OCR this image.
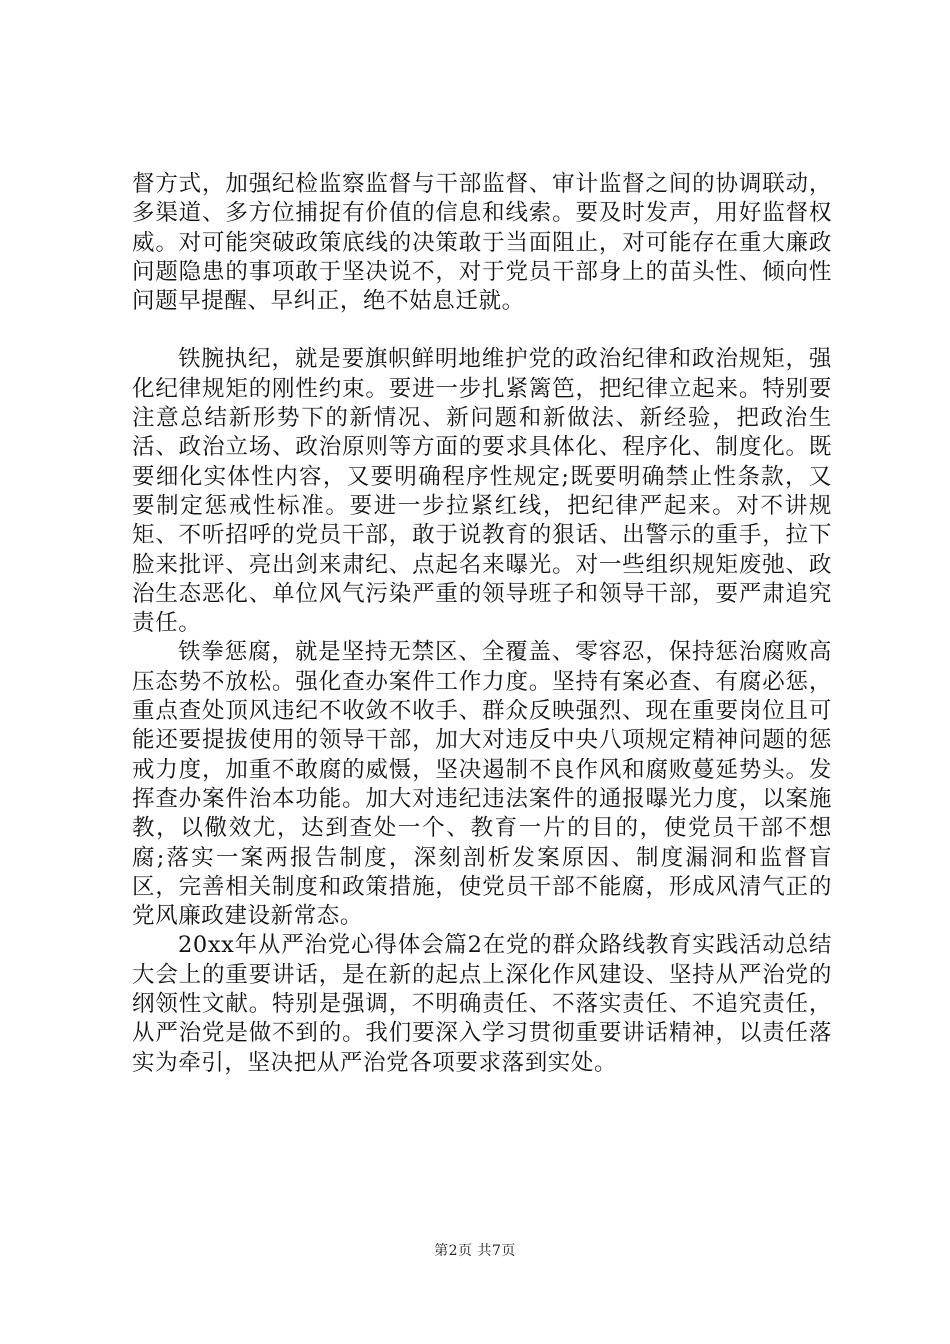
督方式，加强纪检监察监督与干部监督、审计监督之间的协调联动，多渠道、多方位捕捉有价值的信息和线索。要及时发声，用好监督权威。对可能突破政策底线的决策敢于当面阻止，对可能存在重大廉政问题隐患的事项敢于坚决说不，对于党员干部身上的苗头性、倾向性问题早提醒、早纠正，绝不姑息迁就。

铁腕执纪，就是要旗帜鲜明地维护党的政治纪律和政治规矩，强化纪律规矩的刚性约束。要进一步扎紧篱笆，把纪律立起来。特别要注意总结新形势下的新情况、新问题和新做法、新经验，把政治生活、政治立场、政治原则等方面的要求具体化、程序化、制度化。既要细化实体性内容，又要明确程序性规定;既要明确禁止性条款，又要制定惩戒性标准。要进一步拉紧红线，把纪律严起来。对不讲规矩、不听招呼的党员干部，敢于说教育的狠话、出警示的重手，拉下脸来批评、亮出剑来肃纪、点起名来曝光。对一些组织规矩废弛、政治生态恶化、单位风气污染严重的领导班子和领导干部，要严肃追究责任。

铁拳惩腐，就是坚持无禁区、全覆盖、零容忍，保持惩治腐败高压态势不放松。强化查办案件工作力度。坚持有案必查、有腐必惩，重点查处顶风违纪不收敛不收手、群众反映强烈、现在重要岗位且可能还要提拔使用的领导干部，加大对违反中央八项规定精神问题的惩戒力度，加重不敢腐的威慑，坚决遏制不良作风和腐败蔓延势头。发挥查办案件治本功能。加大对违纪违法案件的通报曝光力度，以案施教，以儆效尤，达到查处一个、教育一片的目的，使党员干部不想腐;落实一案两报告制度，深刻剖析发案原因、制度漏洞和监督盲区，完善相关制度和政策措施，使党员干部不能腐，形成风清气正的党风廉政建设新常态。

20xx年从严治党心得体会篇2在党的群众路线教育实践活动总结大会上的重要讲话，是在新的起点上深化作风建设、坚持从严治党的纲领性文献。特别是强调，不明确责任、不落实责任、不追究责任，从严治党是做不到的。我们要深入学习贯彻重要讲话精神，以责任落实为牵引，坚决把从严治党各项要求落到实处。

第2页 共7页
